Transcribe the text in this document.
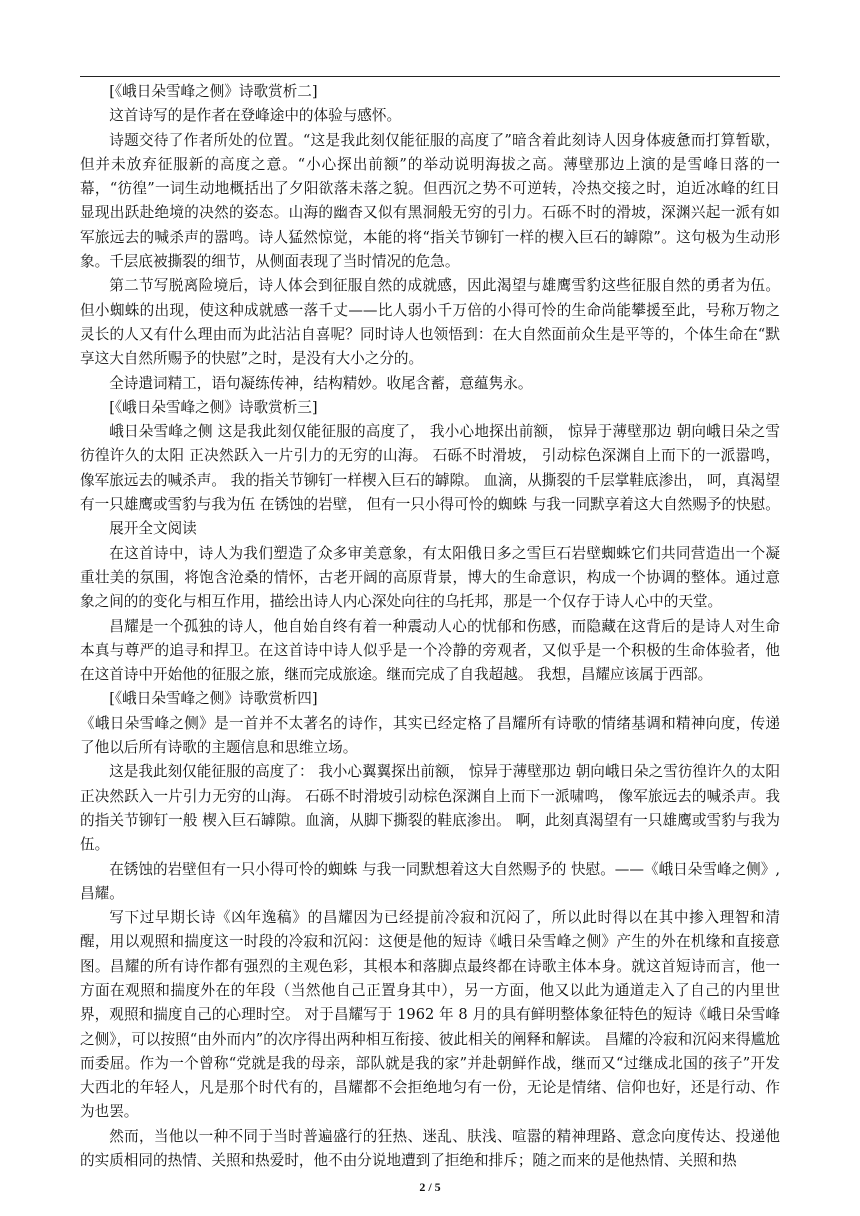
[《峨日朵雪峰之侧》诗歌赏析二]

这首诗写的是作者在登峰途中的体验与感怀。

诗题交待了作者所处的位置。“这是我此刻仅能征服的高度了”暗含着此刻诗人因身体疲惫而打算暂歇，但并未放弃征服新的高度之意。“小心探出前额”的举动说明海拔之高。薄壁那边上演的是雪峰日落的一幕，“彷徨”一词生动地概括出了夕阳欲落未落之貌。但西沉之势不可逆转，冷热交接之时，迫近冰峰的红日显现出跃赴绝境的决然的姿态。山海的幽杳又似有黑洞般无穷的引力。石砾不时的滑坡，深渊兴起一派有如军旅远去的喊杀声的嚣鸣。诗人猛然惊觉，本能的将“指关节铆钉一样的楔入巨石的罅隙”。这句极为生动形象。千层底被撕裂的细节，从侧面表现了当时情况的危急。

第二节写脱离险境后，诗人体会到征服自然的成就感，因此渴望与雄鹰雪豹这些征服自然的勇者为伍。但小蜘蛛的出现，使这种成就感一落千丈——比人弱小千万倍的小得可怜的生命尚能攀援至此，号称万物之灵长的人又有什么理由而为此沾沾自喜呢？同时诗人也领悟到：在大自然面前众生是平等的，个体生命在“默享这大自然所赐予的快慰”之时，是没有大小之分的。

全诗遣词精工，语句凝练传神，结构精妙。收尾含蓄，意蕴隽永。

[《峨日朵雪峰之侧》诗歌赏析三]

峨日朵雪峰之侧 这是我此刻仅能征服的高度了， 我小心地探出前额， 惊异于薄壁那边 朝向峨日朵之雪彷徨许久的太阳 正决然跃入一片引力的无穷的山海。 石砾不时滑坡， 引动棕色深渊自上而下的一派嚣鸣， 像军旅远去的喊杀声。 我的指关节铆钉一样楔入巨石的罅隙。 血滴，从撕裂的千层掌鞋底渗出， 呵，真渴望有一只雄鹰或雪豹与我为伍 在锈蚀的岩壁， 但有一只小得可怜的蜘蛛 与我一同默享着这大自然赐予的快慰。

展开全文阅读

在这首诗中，诗人为我们塑造了众多审美意象，有太阳俄日多之雪巨石岩壁蜘蛛它们共同营造出一个凝重壮美的氛围，将饱含沧桑的情怀，古老开阔的高原背景，博大的生命意识，构成一个协调的整体。通过意象之间的的变化与相互作用，描绘出诗人内心深处向往的乌托邦，那是一个仅存于诗人心中的天堂。

昌耀是一个孤独的诗人，他自始自终有着一种震动人心的忧郁和伤感，而隐藏在这背后的是诗人对生命本真与尊严的追寻和捍卫。在这首诗中诗人似乎是一个冷静的旁观者，又似乎是一个积极的生命体验者，他在这首诗中开始他的征服之旅，继而完成旅途。继而完成了自我超越。 我想，昌耀应该属于西部。

[《峨日朵雪峰之侧》诗歌赏析四]

《峨日朵雪峰之侧》是一首并不太著名的诗作，其实已经定格了昌耀所有诗歌的情绪基调和精神向度，传递了他以后所有诗歌的主题信息和思维立场。

这是我此刻仅能征服的高度了： 我小心翼翼探出前额， 惊异于薄壁那边 朝向峨日朵之雪彷徨许久的太阳 正决然跃入一片引力无穷的山海。 石砾不时滑坡引动棕色深渊自上而下一派啸鸣， 像军旅远去的喊杀声。我的指关节铆钉一般 楔入巨石罅隙。血滴，从脚下撕裂的鞋底渗出。 啊，此刻真渴望有一只雄鹰或雪豹与我为伍。

在锈蚀的岩壁但有一只小得可怜的蜘蛛 与我一同默想着这大自然赐予的 快慰。——《峨日朵雪峰之侧》,昌耀。

写下过早期长诗《凶年逸稿》的昌耀因为已经提前冷寂和沉闷了，所以此时得以在其中掺入理智和清醒，用以观照和揣度这一时段的冷寂和沉闷：这便是他的短诗《峨日朵雪峰之侧》产生的外在机缘和直接意图。昌耀的所有诗作都有强烈的主观色彩，其根本和落脚点最终都在诗歌主体本身。就这首短诗而言，他一方面在观照和揣度外在的年段（当然他自己正置身其中），另一方面，他又以此为通道走入了自己的内里世界，观照和揣度自己的心理时空。 对于昌耀写于 1962 年 8 月的具有鲜明整体象征特色的短诗《峨日朵雪峰之侧》，可以按照“由外而内”的次序得出两种相互衔接、彼此相关的阐释和解读。 昌耀的冷寂和沉闷来得尴尬而委屈。作为一个曾称“党就是我的母亲，部队就是我的家”并赴朝鲜作战，继而又“过继成北国的孩子”开发大西北的年轻人，凡是那个时代有的，昌耀都不会拒绝地匀有一份，无论是情绪、信仰也好，还是行动、作为也罢。

然而，当他以一种不同于当时普遍盛行的狂热、迷乱、肤浅、喧嚣的精神理路、意念向度传达、投递他的实质相同的热情、关照和热爱时，他不由分说地遭到了拒绝和排斥；随之而来的是他热情、关照和热

2 / 5
